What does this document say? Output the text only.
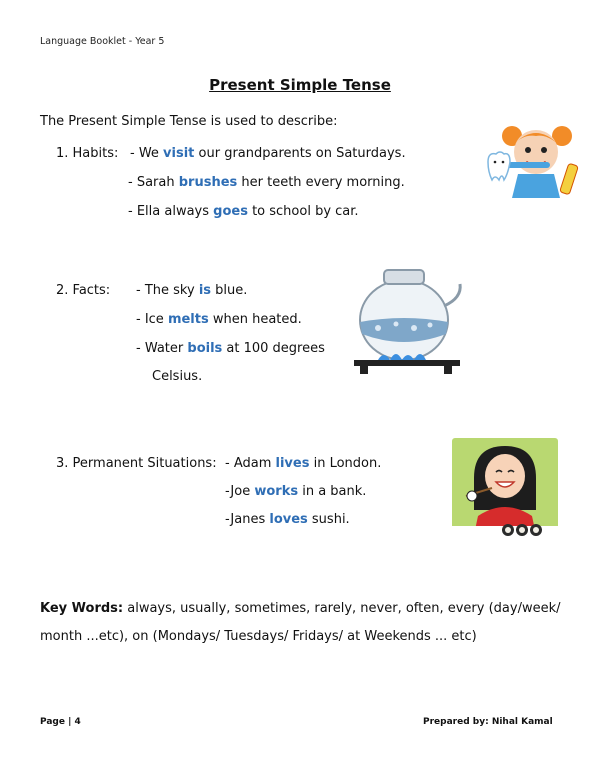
Language Booklet - Year 5
Present Simple Tense
The Present Simple Tense is used to describe:
1. Habits: - We visit our grandparents on Saturdays.
- Sarah brushes her teeth every morning.
- Ella always goes to school by car.
2. Facts: - The sky is blue.
- Ice melts when heated.
- Water boils at 100 degrees
Celsius.
3. Permanent Situations: - Adam lives in London.
-Joe works in a bank.
-Janes loves sushi.
Key Words: always, usually, sometimes, rarely, never, often, every (day/week/
month ...etc), on (Mondays/ Tuesdays/ Fridays/ at Weekends ... etc)
Page | 4	Prepared by: Nihal Kamal
